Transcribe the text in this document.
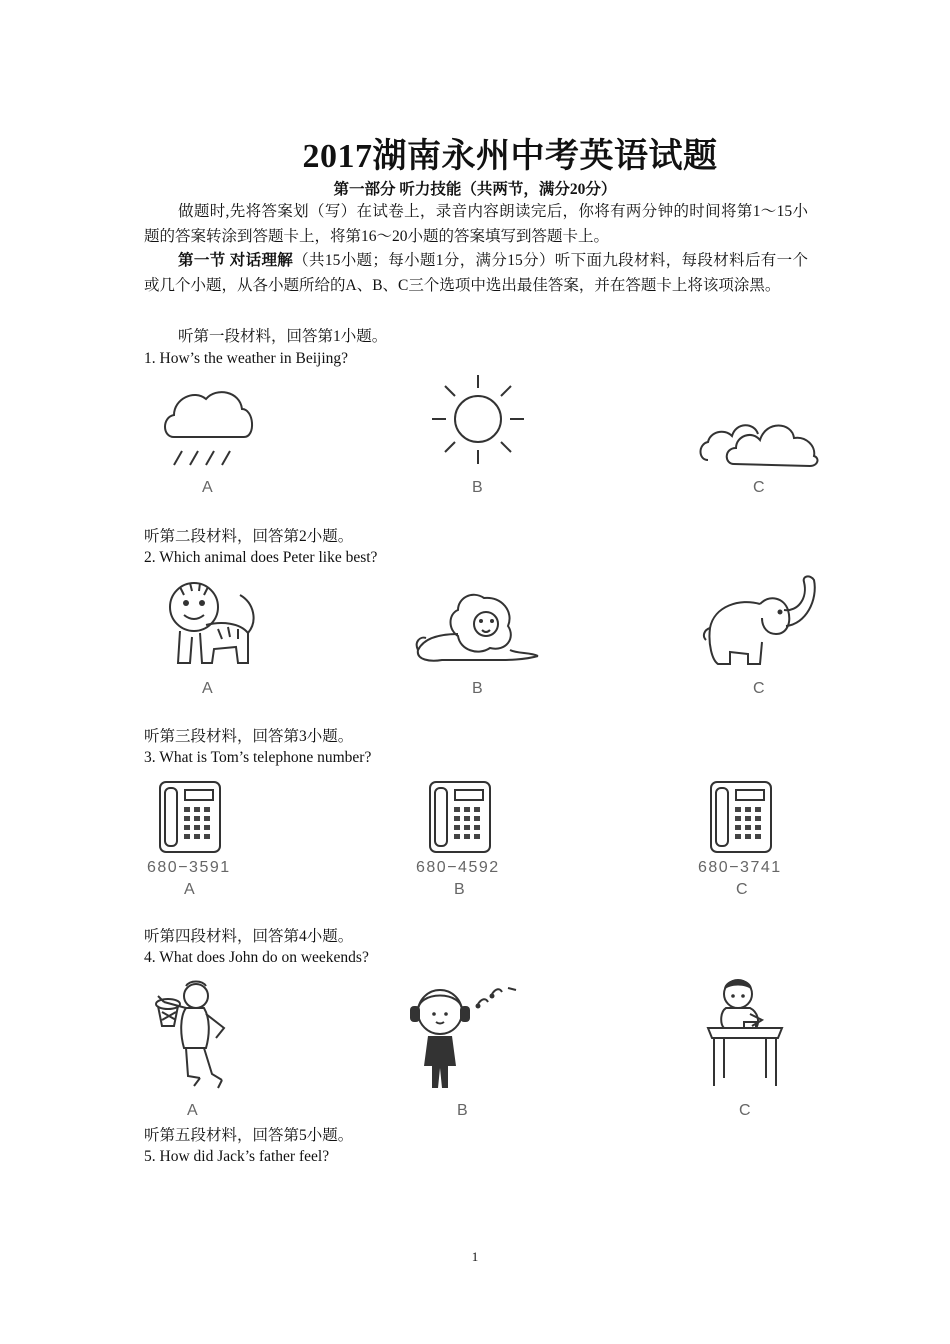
2017湖南永州中考英语试题
第一部分 听力技能（共两节，满分20分）
做题时,先将答案划（写）在试卷上，录音内容朗读完后，你将有两分钟的时间将第1～15小题的答案转涂到答题卡上，将第16～20小题的答案填写到答题卡上。
第一节 对话理解（共15小题；每小题1分，满分15分）听下面九段材料，每段材料后有一个或几个小题，从各小题所给的A、B、C三个选项中选出最佳答案，并在答题卡上将该项涂黑。
听第一段材料，回答第1小题。
1. How’s the weather in Beijing?
A	B	C
听第二段材料，回答第2小题。
2. Which animal does Peter like best?
A	B	C
听第三段材料，回答第3小题。
3. What is Tom’s telephone number?
680−3591	680−4592	680−3741
A	B	C
听第四段材料，回答第4小题。
4. What does John do on weekends?
A	B	C
听第五段材料，回答第5小题。
5. How did Jack’s father feel?
1
